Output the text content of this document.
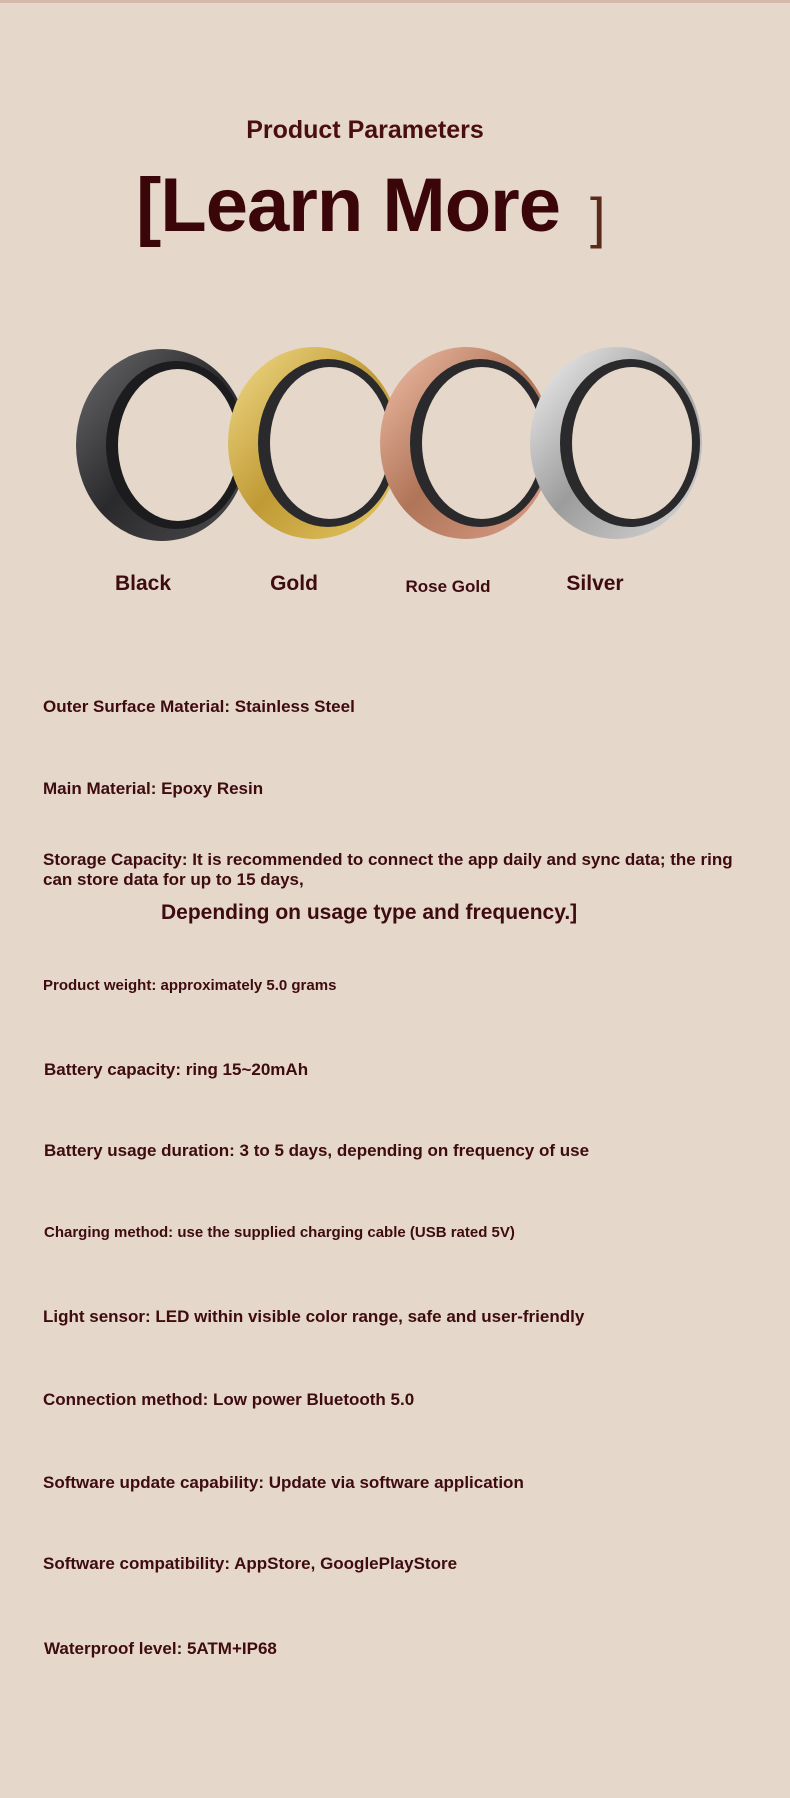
Product Parameters
[Learn More ]
Black	Gold	Rose Gold	Silver
Outer Surface Material: Stainless Steel
Main Material: Epoxy Resin
Storage Capacity: It is recommended to connect the app daily and sync data; the ring can store data for up to 15 days,
Depending on usage type and frequency.]
Product weight: approximately 5.0 grams
Battery capacity: ring 15~20mAh
Battery usage duration: 3 to 5 days, depending on frequency of use
Charging method: use the supplied charging cable (USB rated 5V)
Light sensor: LED within visible color range, safe and user-friendly
Connection method: Low power Bluetooth 5.0
Software update capability: Update via software application
Software compatibility: AppStore, GooglePlayStore
Waterproof level: 5ATM+IP68
